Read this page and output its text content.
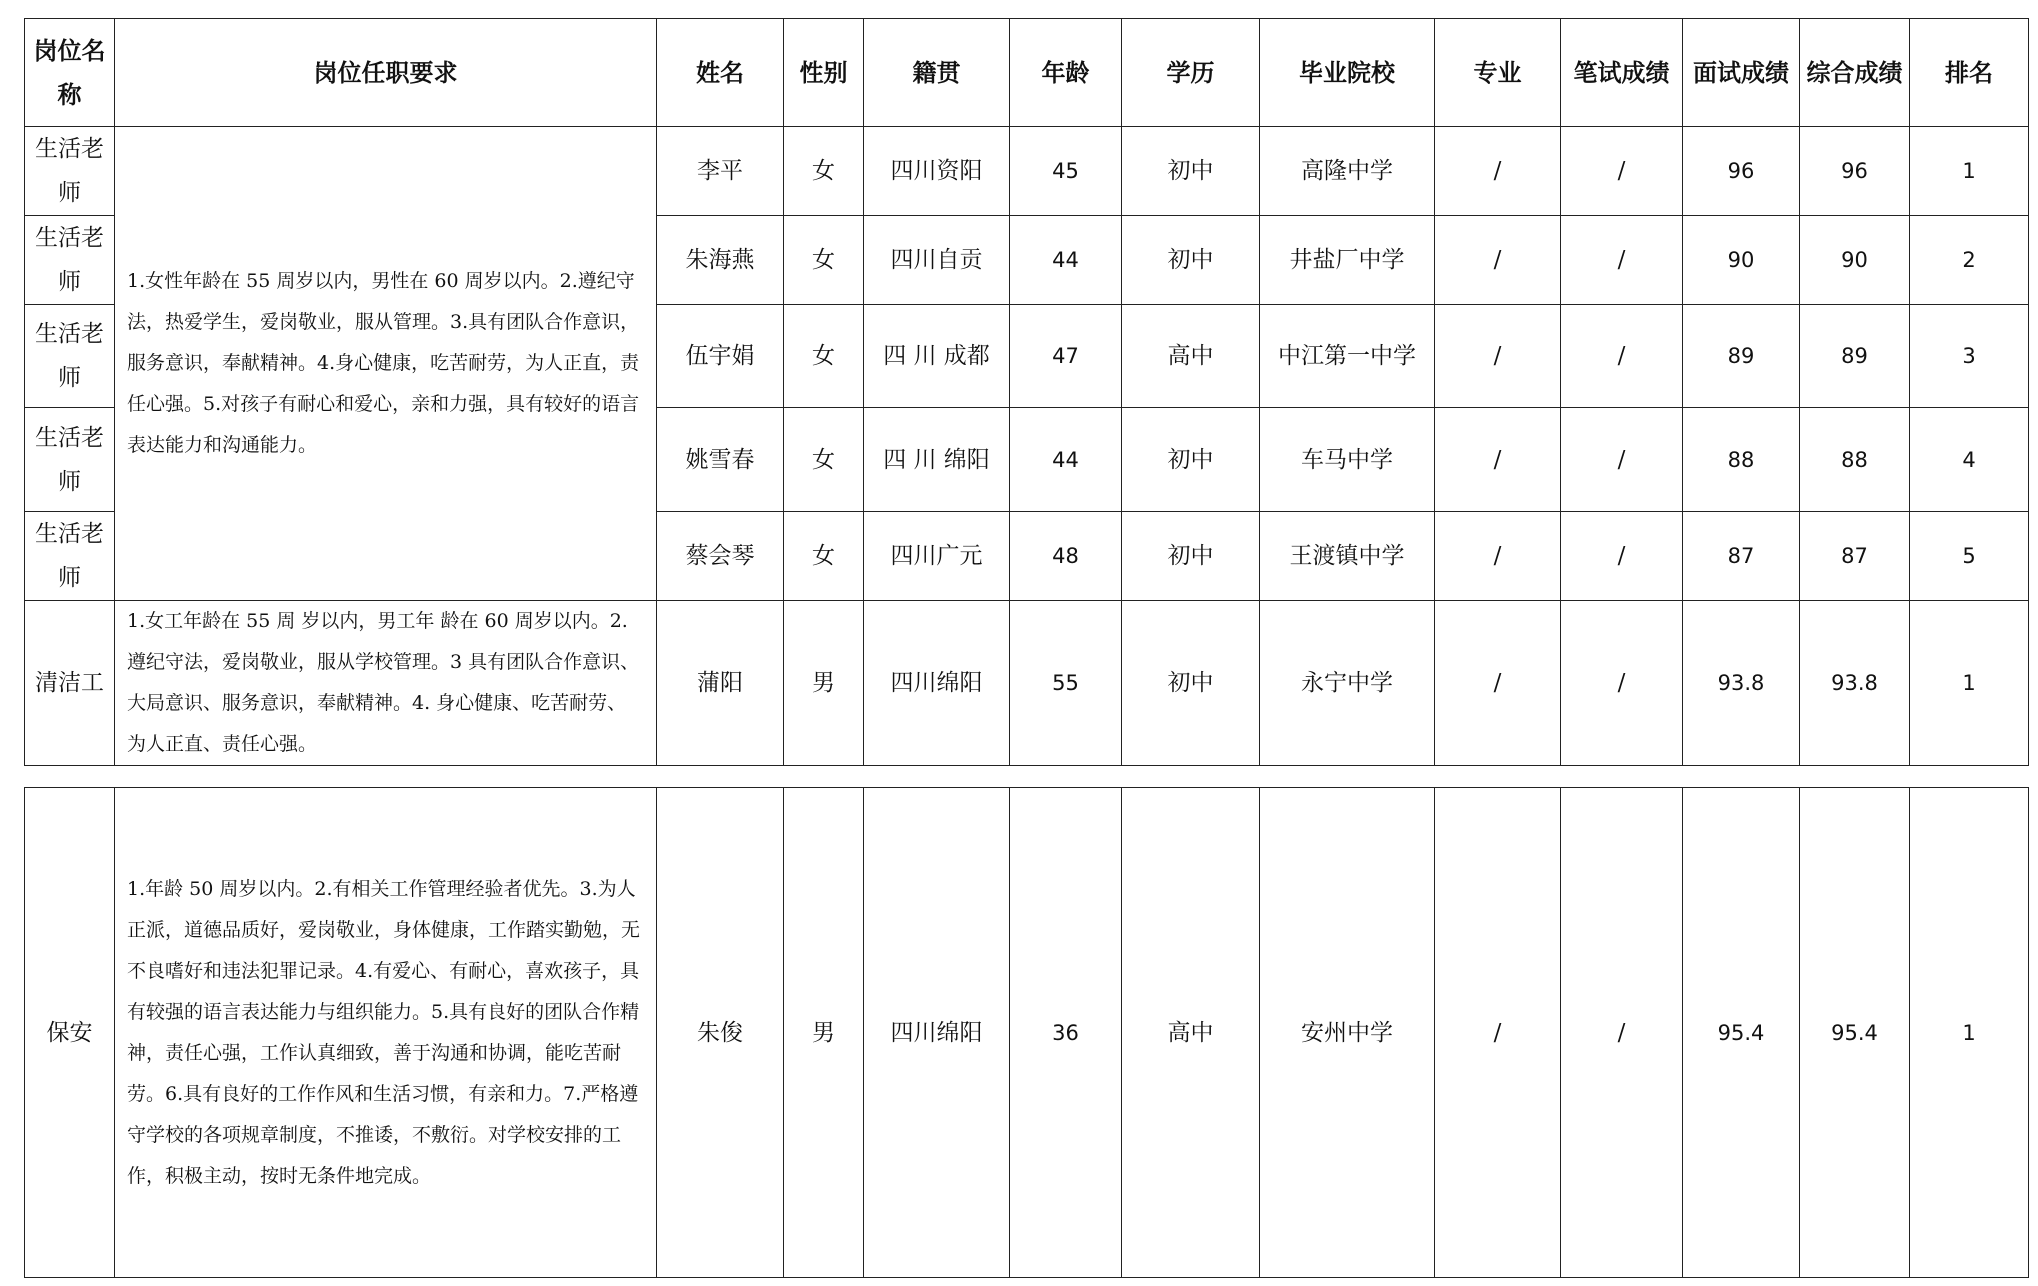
岗位名称	岗位任职要求	姓名	性别	籍贯	年龄	学历	毕业院校	专业	笔试成绩	面试成绩	综合成绩	排名
生活老师	1.女性年龄在 55 周岁以内，男性在 60 周岁以内。2.遵纪守法，热爱学生，爱岗敬业，服从管理。3.具有团队合作意识，服务意识，奉献精神。4.身心健康，吃苦耐劳，为人正直，责任心强。5.对孩子有耐心和爱心，亲和力强，具有较好的语言表达能力和沟通能力。	李平	女	四川资阳	45	初中	高隆中学	/	/	96	96	1
生活老师		朱海燕	女	四川自贡	44	初中	井盐厂中学	/	/	90	90	2
生活老师		伍宇娟	女	四 川 成都	47	高中	中江第一中学	/	/	89	89	3
生活老师		姚雪春	女	四 川 绵阳	44	初中	车马中学	/	/	88	88	4
生活老师		蔡会琴	女	四川广元	48	初中	王渡镇中学	/	/	87	87	5
清洁工	1.女工年龄在 55 周 岁以内，男工年 龄在 60 周岁以内。2.遵纪守法，爱岗敬业，服从学校管理。3 具有团队合作意识、大局意识、服务意识，奉献精神。4. 身心健康、吃苦耐劳、为人正直、责任心强。	蒲阳	男	四川绵阳	55	初中	永宁中学	/	/	93.8	93.8	1
保安	1.年龄 50 周岁以内。2.有相关工作管理经验者优先。3.为人正派，道德品质好，爱岗敬业，身体健康，工作踏实勤勉，无不良嗜好和违法犯罪记录。4.有爱心、有耐心，喜欢孩子，具有较强的语言表达能力与组织能力。5.具有良好的团队合作精神，责任心强，工作认真细致，善于沟通和协调，能吃苦耐劳。6.具有良好的工作作风和生活习惯，有亲和力。7.严格遵守学校的各项规章制度，不推诿，不敷衍。对学校安排的工作，积极主动，按时无条件地完成。	朱俊	男	四川绵阳	36	高中	安州中学	/	/	95.4	95.4	1
